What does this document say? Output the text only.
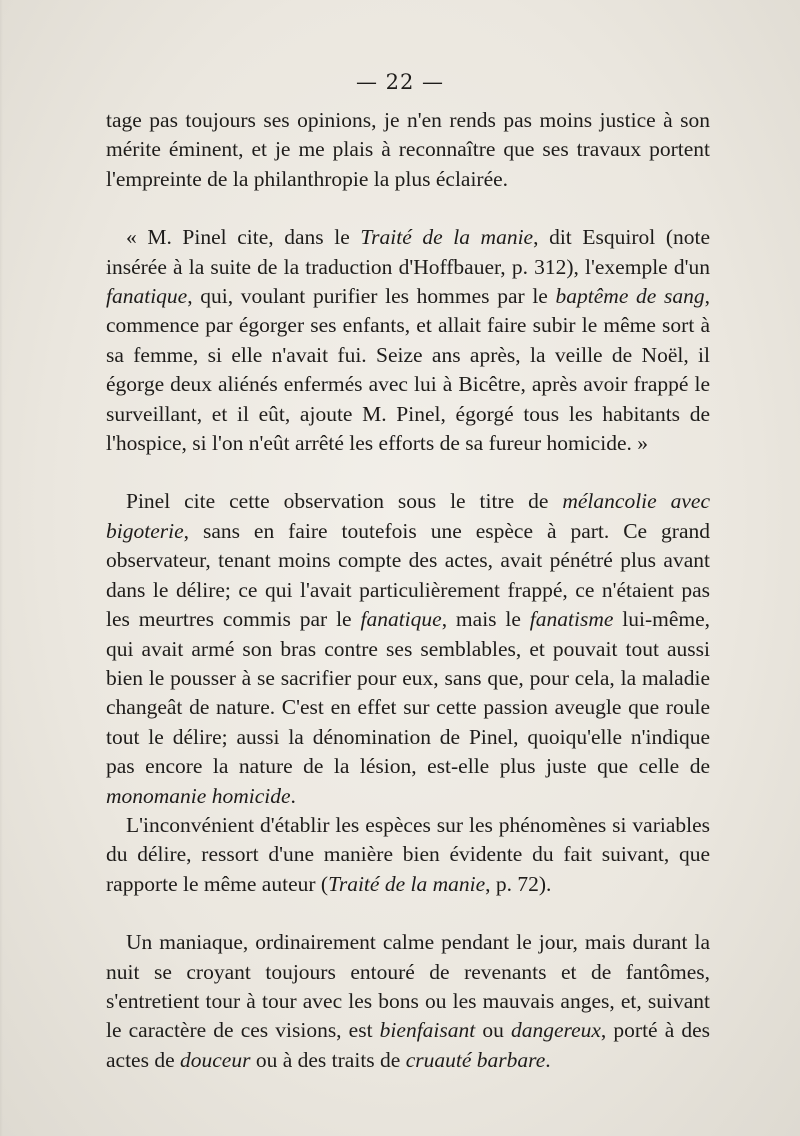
— 22 —

tage pas toujours ses opinions, je n'en rends pas moins justice à son mérite éminent, et je me plais à reconnaître que ses travaux portent l'empreinte de la philanthropie la plus éclairée.

« M. Pinel cite, dans le Traité de la manie, dit Esquirol (note insérée à la suite de la traduction d'Hoffbauer, p. 312), l'exemple d'un fanatique, qui, voulant purifier les hommes par le baptême de sang, commence par égorger ses enfants, et allait faire subir le même sort à sa femme, si elle n'avait fui. Seize ans après, la veille de Noël, il égorge deux aliénés enfermés avec lui à Bicêtre, après avoir frappé le surveillant, et il eût, ajoute M. Pinel, égorgé tous les habitants de l'hospice, si l'on n'eût arrêté les efforts de sa fureur homicide. »

Pinel cite cette observation sous le titre de mélancolie avec bigoterie, sans en faire toutefois une espèce à part. Ce grand observateur, tenant moins compte des actes, avait pénétré plus avant dans le délire; ce qui l'avait particulièrement frappé, ce n'étaient pas les meurtres commis par le fanatique, mais le fanatisme lui-même, qui avait armé son bras contre ses semblables, et pouvait tout aussi bien le pousser à se sacrifier pour eux, sans que, pour cela, la maladie changeât de nature. C'est en effet sur cette passion aveugle que roule tout le délire; aussi la dénomination de Pinel, quoiqu'elle n'indique pas encore la nature de la lésion, est-elle plus juste que celle de monomanie homicide.

L'inconvénient d'établir les espèces sur les phénomènes si variables du délire, ressort d'une manière bien évidente du fait suivant, que rapporte le même auteur (Traité de la manie, p. 72).

Un maniaque, ordinairement calme pendant le jour, mais durant la nuit se croyant toujours entouré de revenants et de fantômes, s'entretient tour à tour avec les bons ou les mauvais anges, et, suivant le caractère de ces visions, est bienfaisant ou dangereux, porté à des actes de douceur ou à des traits de cruauté barbare.
